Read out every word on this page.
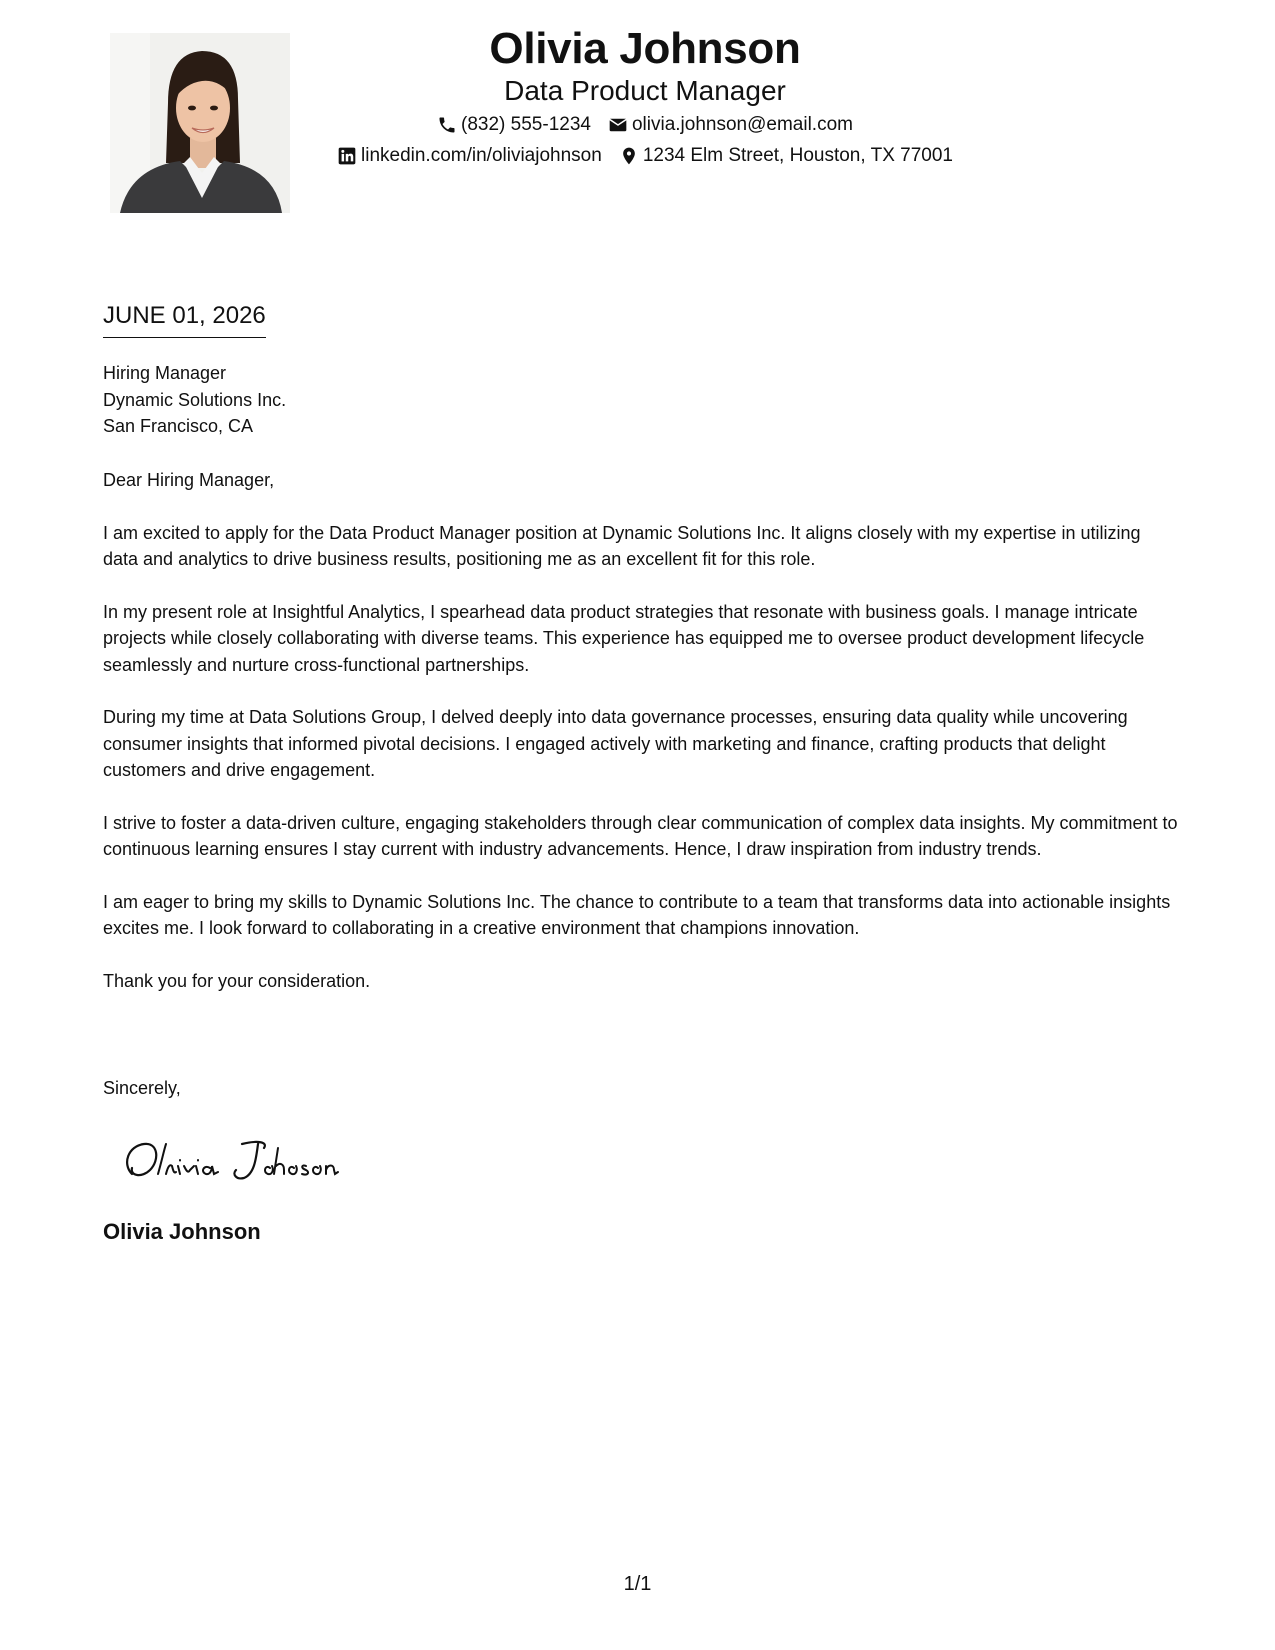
Olivia Johnson
Data Product Manager
(832) 555-1234 olivia.johnson@email.com
linkedin.com/in/oliviajohnson 1234 Elm Street, Houston, TX 77001
JUNE 01, 2026
Hiring Manager
Dynamic Solutions Inc.
San Francisco, CA

Dear Hiring Manager,

I am excited to apply for the Data Product Manager position at Dynamic Solutions Inc. It aligns closely with my expertise in utilizing data and analytics to drive business results, positioning me as an excellent fit for this role.

In my present role at Insightful Analytics, I spearhead data product strategies that resonate with business goals. I manage intricate projects while closely collaborating with diverse teams. This experience has equipped me to oversee product development lifecycle seamlessly and nurture cross-functional partnerships.

During my time at Data Solutions Group, I delved deeply into data governance processes, ensuring data quality while uncovering consumer insights that informed pivotal decisions. I engaged actively with marketing and finance, crafting products that delight customers and drive engagement.

I strive to foster a data-driven culture, engaging stakeholders through clear communication of complex data insights. My commitment to continuous learning ensures I stay current with industry advancements. Hence, I draw inspiration from industry trends.

I am eager to bring my skills to Dynamic Solutions Inc. The chance to contribute to a team that transforms data into actionable insights excites me. I look forward to collaborating in a creative environment that champions innovation.

Thank you for your consideration.

Sincerely,
Olivia Johnson
1/1
